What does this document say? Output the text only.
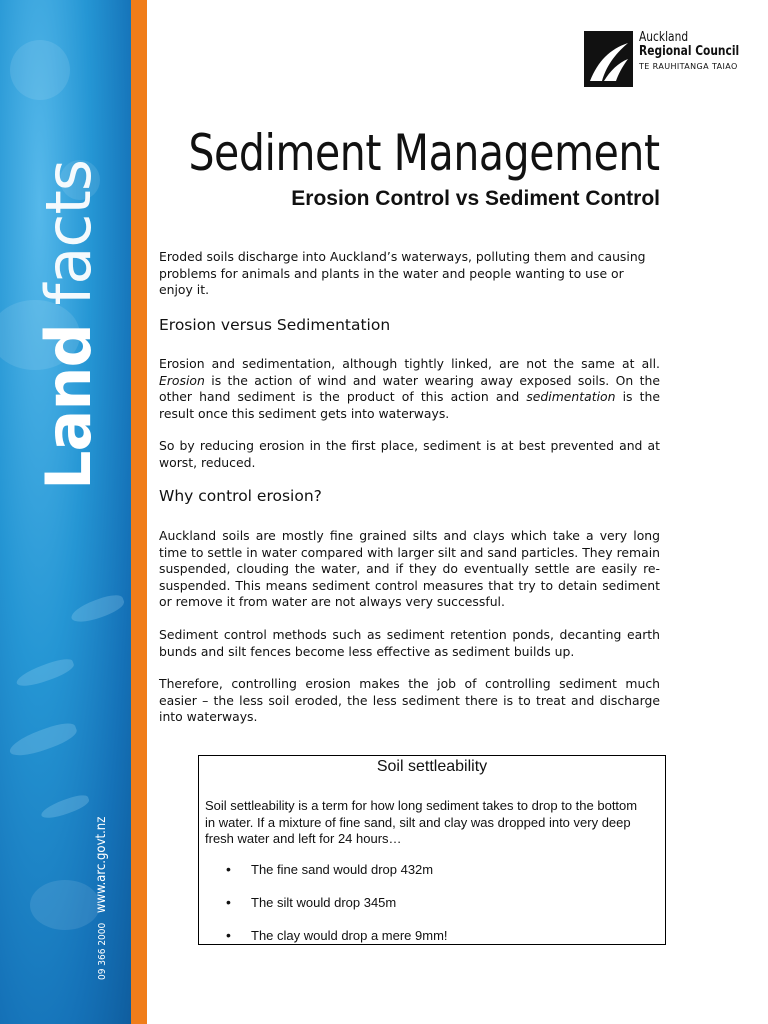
Land facts
09 366 2000 www.arc.govt.nz
Auckland
Regional Council
TE RAUHITANGA TAIAO
Sediment Management
Erosion Control vs Sediment Control

Eroded soils discharge into Auckland’s waterways, polluting them and causing problems for animals and plants in the water and people wanting to use or enjoy it.

Erosion versus Sedimentation

Erosion and sedimentation, although tightly linked, are not the same at all. Erosion is the action of wind and water wearing away exposed soils. On the other hand sediment is the product of this action and sedimentation is the result once this sediment gets into waterways.

So by reducing erosion in the first place, sediment is at best prevented and at worst, reduced.

Why control erosion?

Auckland soils are mostly fine grained silts and clays which take a very long time to settle in water compared with larger silt and sand particles. They remain suspended, clouding the water, and if they do eventually settle are easily re-suspended. This means sediment control measures that try to detain sediment or remove it from water are not always very successful.

Sediment control methods such as sediment retention ponds, decanting earth bunds and silt fences become less effective as sediment builds up.

Therefore, controlling erosion makes the job of controlling sediment much easier – the less soil eroded, the less sediment there is to treat and discharge into waterways.

Soil settleability

Soil settleability is a term for how long sediment takes to drop to the bottom in water. If a mixture of fine sand, silt and clay was dropped into very deep fresh water and left for 24 hours…

• The fine sand would drop 432m
• The silt would drop 345m
• The clay would drop a mere 9mm!
